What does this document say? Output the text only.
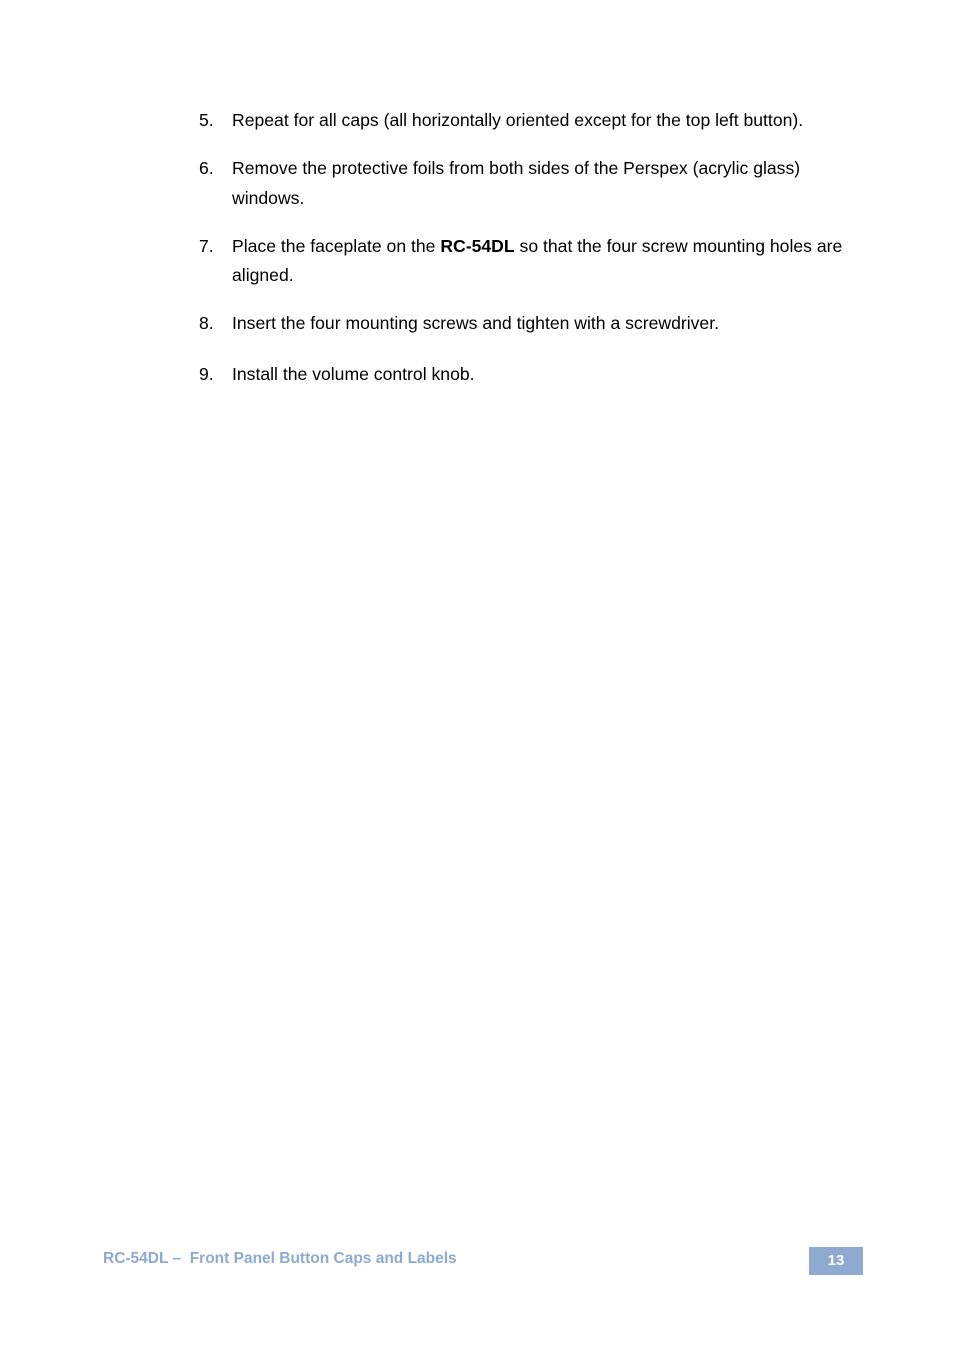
5. Repeat for all caps (all horizontally oriented except for the top left button).
6. Remove the protective foils from both sides of the Perspex (acrylic glass) windows.
7. Place the faceplate on the RC-54DL so that the four screw mounting holes are aligned.
8. Insert the four mounting screws and tighten with a screwdriver.
9. Install the volume control knob.
RC-54DL –  Front Panel Button Caps and Labels	13
